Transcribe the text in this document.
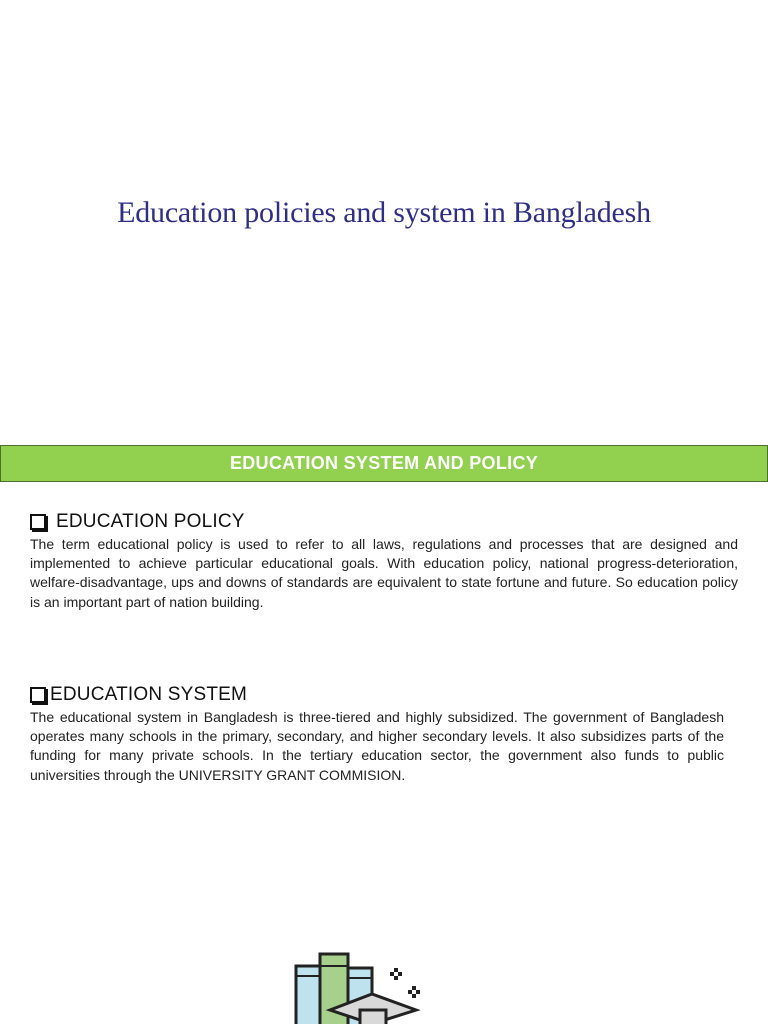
Education policies and system in Bangladesh
EDUCATION SYSTEM AND POLICY
EDUCATION POLICY
The term educational policy is used to refer to all laws, regulations and processes that are designed and implemented to achieve particular educational goals. With education policy, national progress-deterioration, welfare-disadvantage, ups and downs of standards are equivalent to state fortune and future. So education policy is an important part of nation building.
EDUCATION SYSTEM
The educational system in Bangladesh is three-tiered and highly subsidized. The government of Bangladesh operates many schools in the primary, secondary, and higher secondary levels. It also subsidizes parts of the funding for many private schools. In the tertiary education sector, the government also funds to public universities through the UNIVERSITY GRANT COMMISION.
